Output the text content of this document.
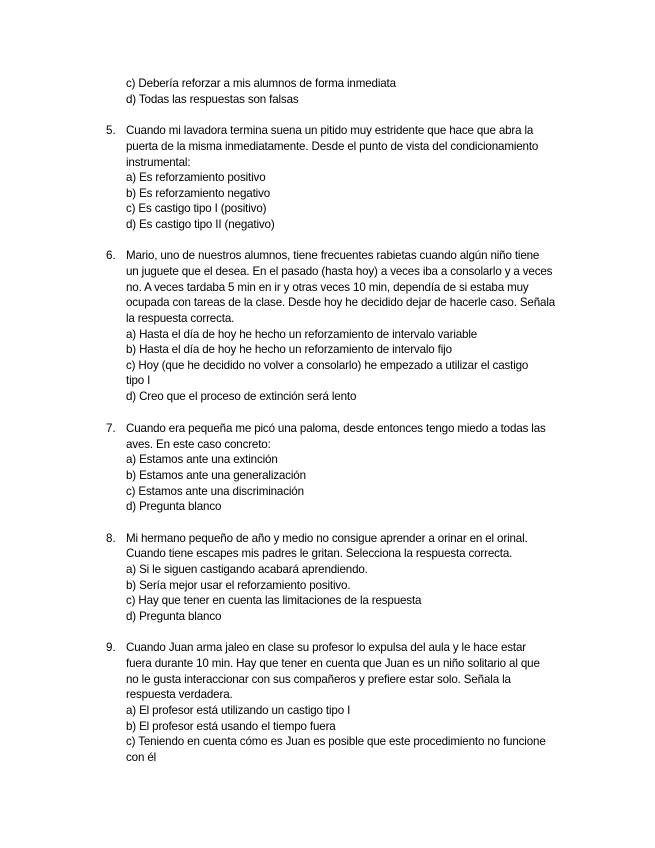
c) Debería reforzar a mis alumnos de forma inmediata
d) Todas las respuestas son falsas
5. Cuando mi lavadora termina suena un pitido muy estridente que hace que abra la
puerta de la misma inmediatamente. Desde el punto de vista del condicionamiento
instrumental:
a) Es reforzamiento positivo
b) Es reforzamiento negativo
c) Es castigo tipo I (positivo)
d) Es castigo tipo II (negativo)
6. Mario, uno de nuestros alumnos, tiene frecuentes rabietas cuando algún niño tiene
un juguete que el desea. En el pasado (hasta hoy) a veces iba a consolarlo y a veces
no. A veces tardaba 5 min en ir y otras veces 10 min, dependía de si estaba muy
ocupada con tareas de la clase. Desde hoy he decidido dejar de hacerle caso. Señala
la respuesta correcta.
a) Hasta el día de hoy he hecho un reforzamiento de intervalo variable
b) Hasta el día de hoy he hecho un reforzamiento de intervalo fijo
c) Hoy (que he decidido no volver a consolarlo) he empezado a utilizar el castigo
tipo I
d) Creo que el proceso de extinción será lento
7. Cuando era pequeña me picó una paloma, desde entonces tengo miedo a todas las
aves. En este caso concreto:
a) Estamos ante una extinción
b) Estamos ante una generalización
c) Estamos ante una discriminación
d) Pregunta blanco
8. Mi hermano pequeño de año y medio no consigue aprender a orinar en el orinal.
Cuando tiene escapes mis padres le gritan. Selecciona la respuesta correcta.
a) Si le siguen castigando acabará aprendiendo.
b) Sería mejor usar el reforzamiento positivo.
c) Hay que tener en cuenta las limitaciones de la respuesta
d) Pregunta blanco
9. Cuando Juan arma jaleo en clase su profesor lo expulsa del aula y le hace estar
fuera durante 10 min. Hay que tener en cuenta que Juan es un niño solitario al que
no le gusta interaccionar con sus compañeros y prefiere estar solo. Señala la
respuesta verdadera.
a) El profesor está utilizando un castigo tipo I
b) El profesor está usando el tiempo fuera
c) Teniendo en cuenta cómo es Juan es posible que este procedimiento no funcione
con él
